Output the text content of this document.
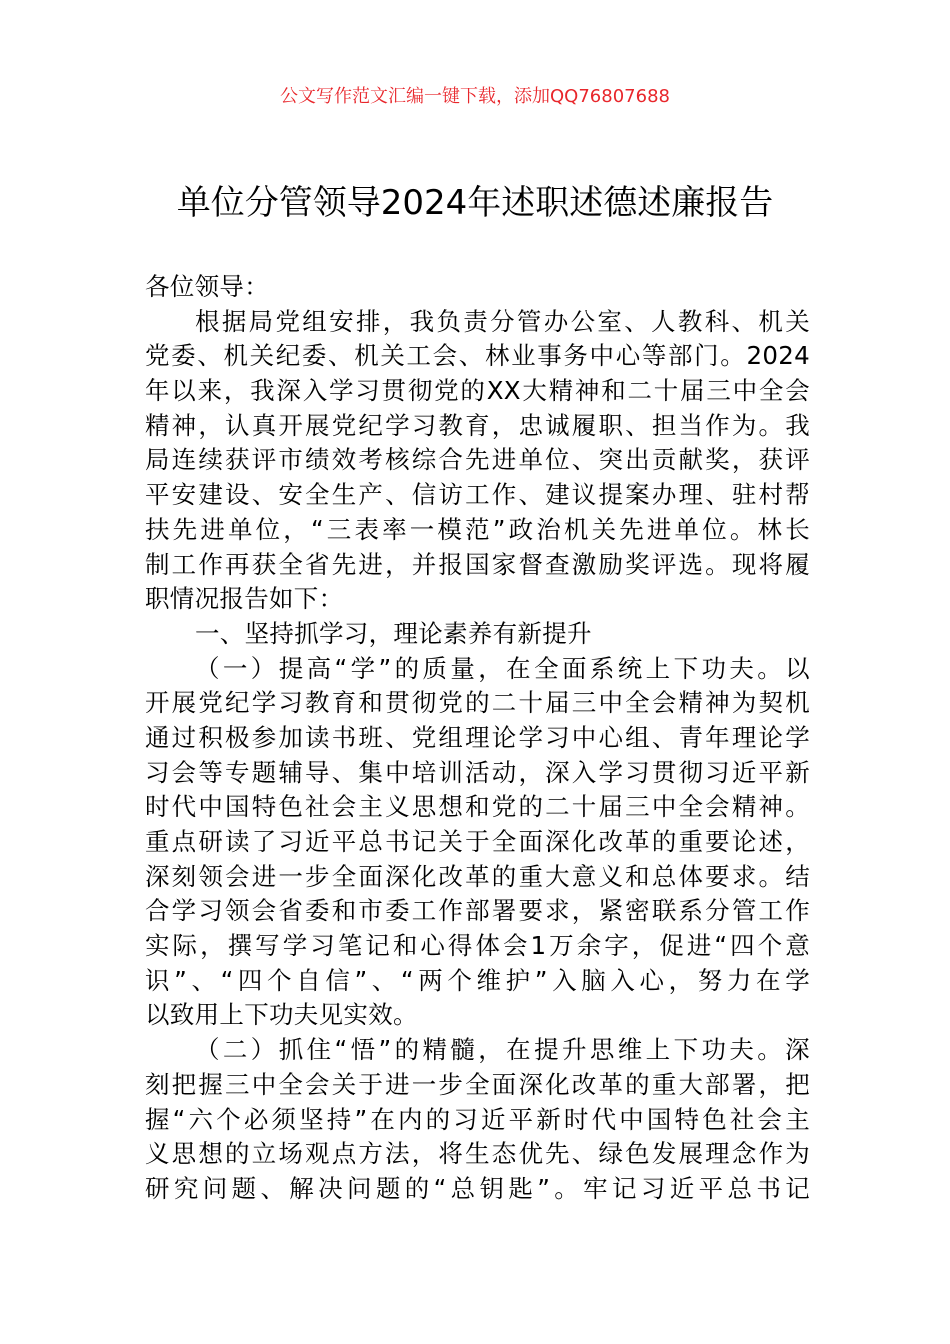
公文写作范文汇编一键下载，添加QQ76807688
单位分管领导2024年述职述德述廉报告
各位领导：
根据局党组安排，我负责分管办公室、人教科、机关
党委、机关纪委、机关工会、林业事务中心等部门。2024
年以来，我深入学习贯彻党的XX大精神和二十届三中全会
精神，认真开展党纪学习教育，忠诚履职、担当作为。我
局连续获评市绩效考核综合先进单位、突出贡献奖，获评
平安建设、安全生产、信访工作、建议提案办理、驻村帮
扶先进单位，“三表率一模范”政治机关先进单位。林长
制工作再获全省先进，并报国家督查激励奖评选。现将履
职情况报告如下：
一、坚持抓学习，理论素养有新提升
（一）提高“学”的质量，在全面系统上下功夫。以
开展党纪学习教育和贯彻党的二十届三中全会精神为契机
通过积极参加读书班、党组理论学习中心组、青年理论学
习会等专题辅导、集中培训活动，深入学习贯彻习近平新
时代中国特色社会主义思想和党的二十届三中全会精神。
重点研读了习近平总书记关于全面深化改革的重要论述，
深刻领会进一步全面深化改革的重大意义和总体要求。结
合学习领会省委和市委工作部署要求，紧密联系分管工作
实际，撰写学习笔记和心得体会1万余字，促进“四个意
识”、“四个自信”、“两个维护”入脑入心，努力在学
以致用上下功夫见实效。
（二）抓住“悟”的精髓，在提升思维上下功夫。深
刻把握三中全会关于进一步全面深化改革的重大部署，把
握“六个必须坚持”在内的习近平新时代中国特色社会主
义思想的立场观点方法，将生态优先、绿色发展理念作为
研究问题、解决问题的“总钥匙”。牢记习近平总书记
